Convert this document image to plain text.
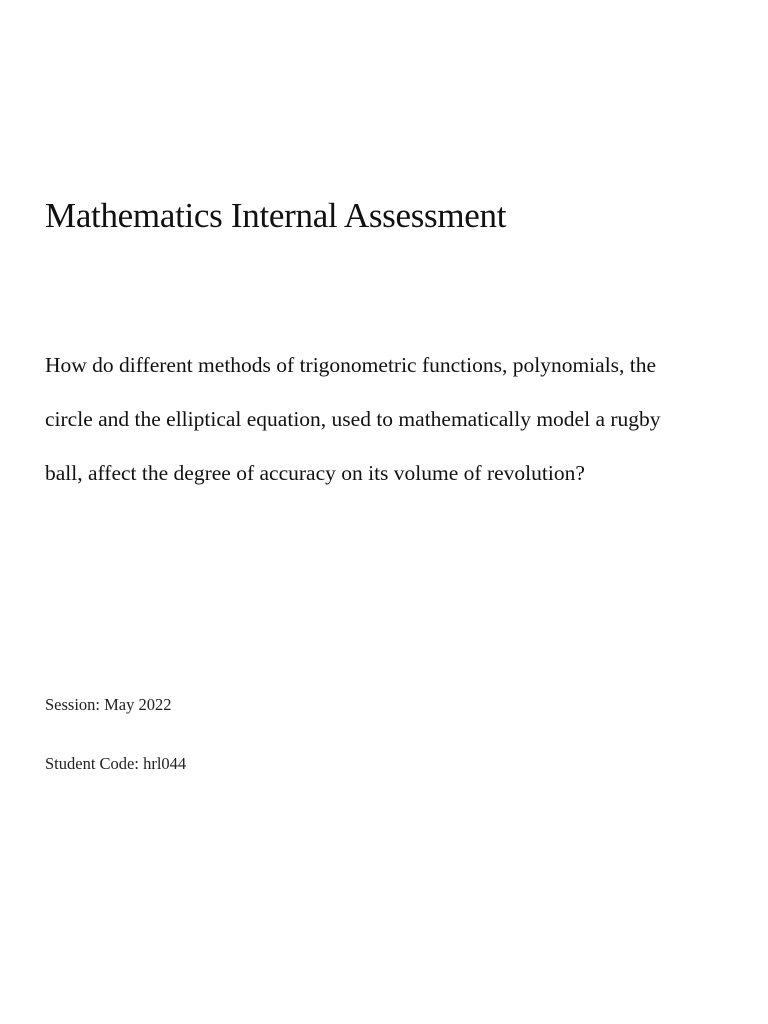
Mathematics Internal Assessment

How do different methods of trigonometric functions, polynomials, the
circle and the elliptical equation, used to mathematically model a rugby
ball, affect the degree of accuracy on its volume of revolution?

Session: May 2022

Student Code: hrl044
